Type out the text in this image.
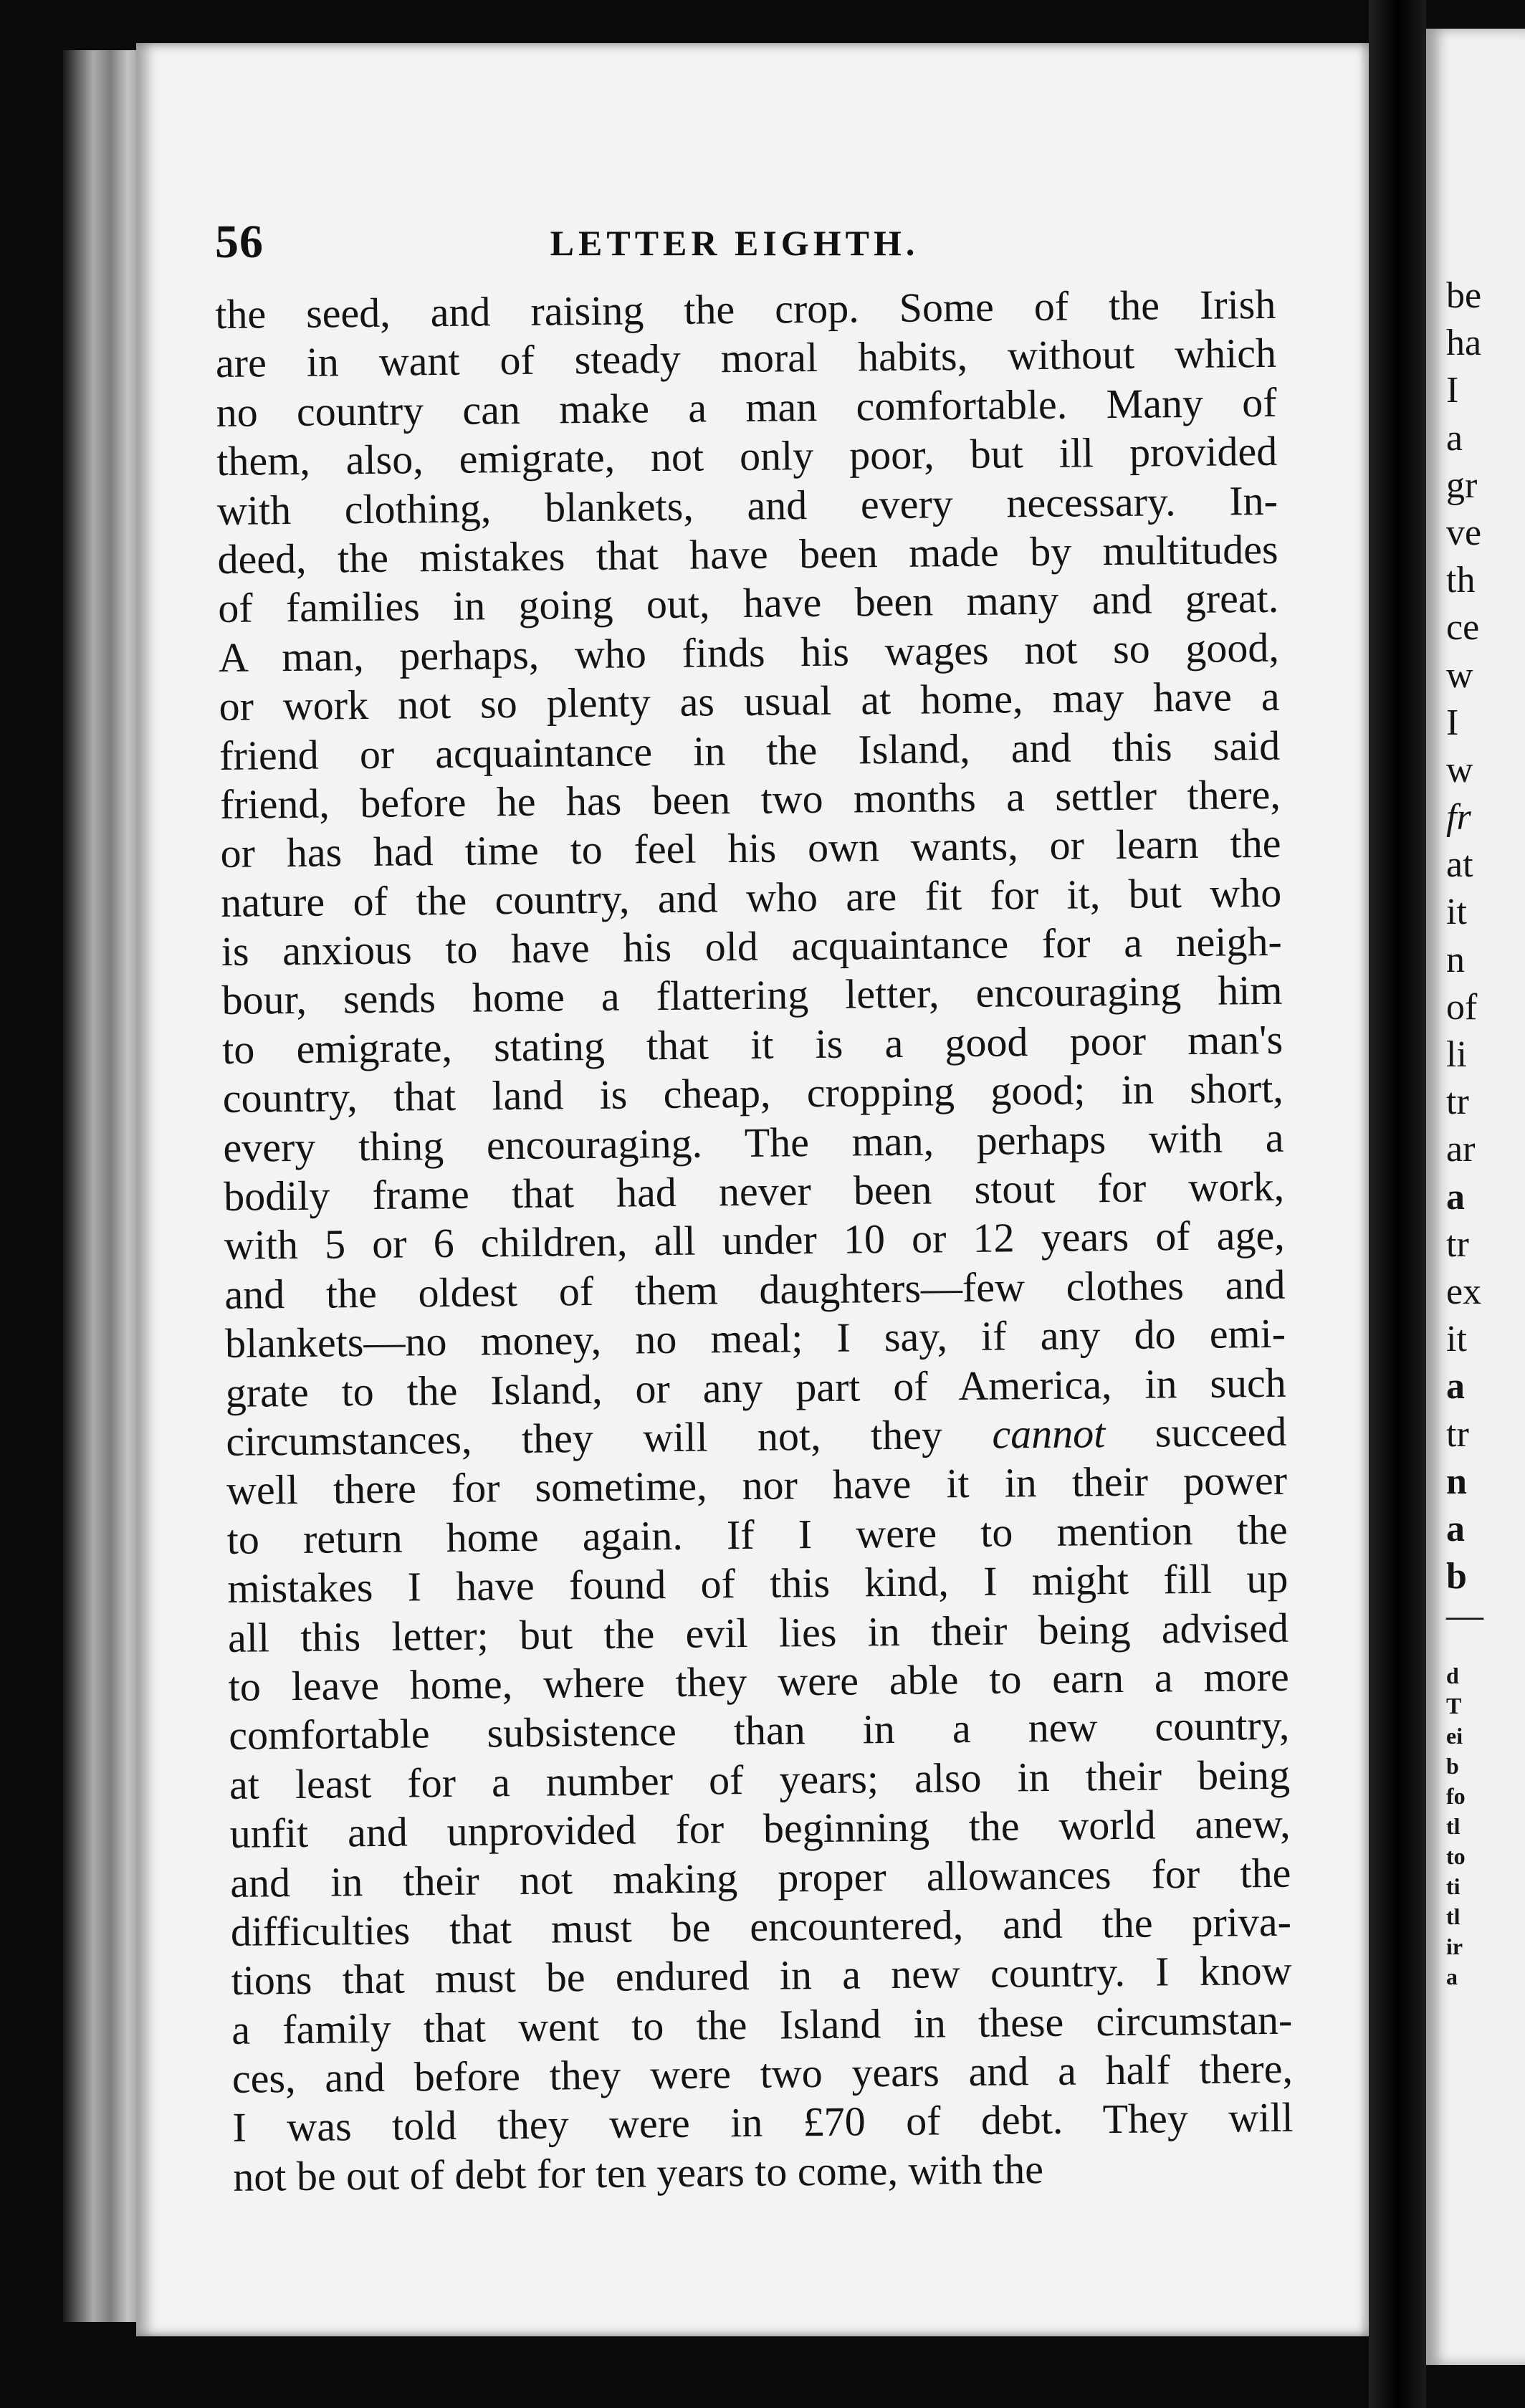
56	LETTER EIGHTH.
the seed, and raising the crop. Some of the Irish
are in want of steady moral habits, without which
no country can make a man comfortable. Many of
them, also, emigrate, not only poor, but ill provided
with clothing, blankets, and every necessary. In-
deed, the mistakes that have been made by multitudes
of families in going out, have been many and great.
A man, perhaps, who finds his wages not so good,
or work not so plenty as usual at home, may have a
friend or acquaintance in the Island, and this said
friend, before he has been two months a settler there,
or has had time to feel his own wants, or learn the
nature of the country, and who are fit for it, but who
is anxious to have his old acquaintance for a neigh-
bour, sends home a flattering letter, encouraging him
to emigrate, stating that it is a good poor man's
country, that land is cheap, cropping good; in short,
every thing encouraging. The man, perhaps with a
bodily frame that had never been stout for work,
with 5 or 6 children, all under 10 or 12 years of age,
and the oldest of them daughters—few clothes and
blankets—no money, no meal; I say, if any do emi-
grate to the Island, or any part of America, in such
circumstances, they will not, they cannot succeed
well there for sometime, nor have it in their power
to return home again. If I were to mention the
mistakes I have found of this kind, I might fill up
all this letter; but the evil lies in their being advised
to leave home, where they were able to earn a more
comfortable subsistence than in a new country,
at least for a number of years; also in their being
unfit and unprovided for beginning the world anew,
and in their not making proper allowances for the
difficulties that must be encountered, and the priva-
tions that must be endured in a new country. I know
a family that went to the Island in these circumstan-
ces, and before they were two years and a half there,
I was told they were in £70 of debt. They will
not be out of debt for ten years to come, with the
be
ha
I
a
gr
ve
th
ce
w
I
w
fr
at
it
n
of
li
tr
ar
a
tr
ex
it
a
tr
n
a
b
—
d
T
ei
b
fo
tl
to
ti
tl
ir
a
